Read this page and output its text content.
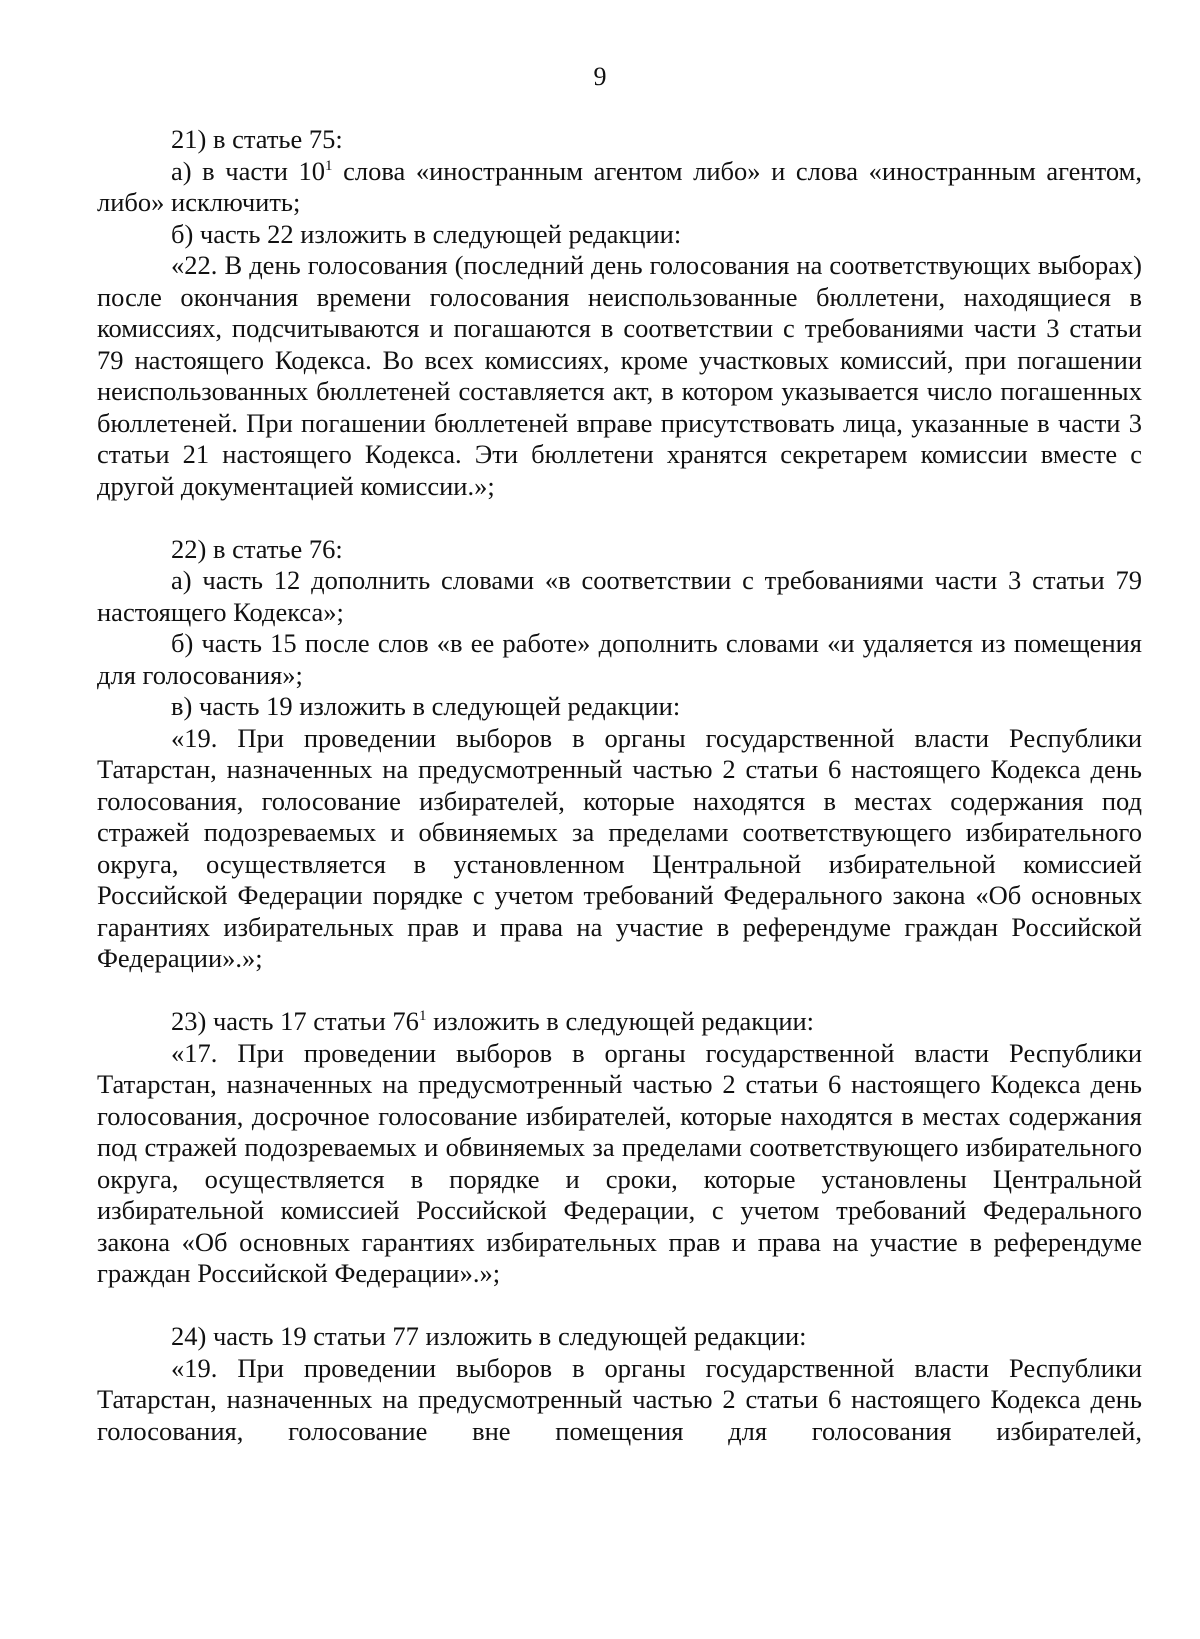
9

21) в статье 75:

а) в части $10^1$ слова «иностранным агентом либо» и слова «иностранным агентом, либо» исключить;

б) часть 22 изложить в следующей редакции:

«22. В день голосования (последний день голосования на соответствующих выборах) после окончания времени голосования неиспользованные бюллетени, находящиеся в комиссиях, подсчитываются и погашаются в соответствии с требованиями части 3 статьи 79 настоящего Кодекса. Во всех комиссиях, кроме участковых комиссий, при погашении неиспользованных бюллетеней составляется акт, в котором указывается число погашенных бюллетеней. При погашении бюллетеней вправе присутствовать лица, указанные в части 3 статьи 21 настоящего Кодекса. Эти бюллетени хранятся секретарем комиссии вместе с другой документацией комиссии.»;

22) в статье 76:

а) часть 12 дополнить словами «в соответствии с требованиями части 3 статьи 79 настоящего Кодекса»;

б) часть 15 после слов «в ее работе» дополнить словами «и удаляется из помещения для голосования»;

в) часть 19 изложить в следующей редакции:

«19. При проведении выборов в органы государственной власти Республики Татарстан, назначенных на предусмотренный частью 2 статьи 6 настоящего Кодекса день голосования, голосование избирателей, которые находятся в местах содержания под стражей подозреваемых и обвиняемых за пределами соответствующего избирательного округа, осуществляется в установленном Центральной избирательной комиссией Российской Федерации порядке с учетом требований Федерального закона «Об основных гарантиях избирательных прав и права на участие в референдуме граждан Российской Федерации».»;

23) часть 17 статьи $76^1$ изложить в следующей редакции:

«17. При проведении выборов в органы государственной власти Республики Татарстан, назначенных на предусмотренный частью 2 статьи 6 настоящего Кодекса день голосования, досрочное голосование избирателей, которые находятся в местах содержания под стражей подозреваемых и обвиняемых за пределами соответствующего избирательного округа, осуществляется в порядке и сроки, которые установлены Центральной избирательной комиссией Российской Федерации, с учетом требований Федерального закона «Об основных гарантиях избирательных прав и права на участие в референдуме граждан Российской Федерации».»;

24) часть 19 статьи 77 изложить в следующей редакции:

«19. При проведении выборов в органы государственной власти Республики Татарстан, назначенных на предусмотренный частью 2 статьи 6 настоящего Кодекса день голосования, голосование вне помещения для голосования избирателей,
